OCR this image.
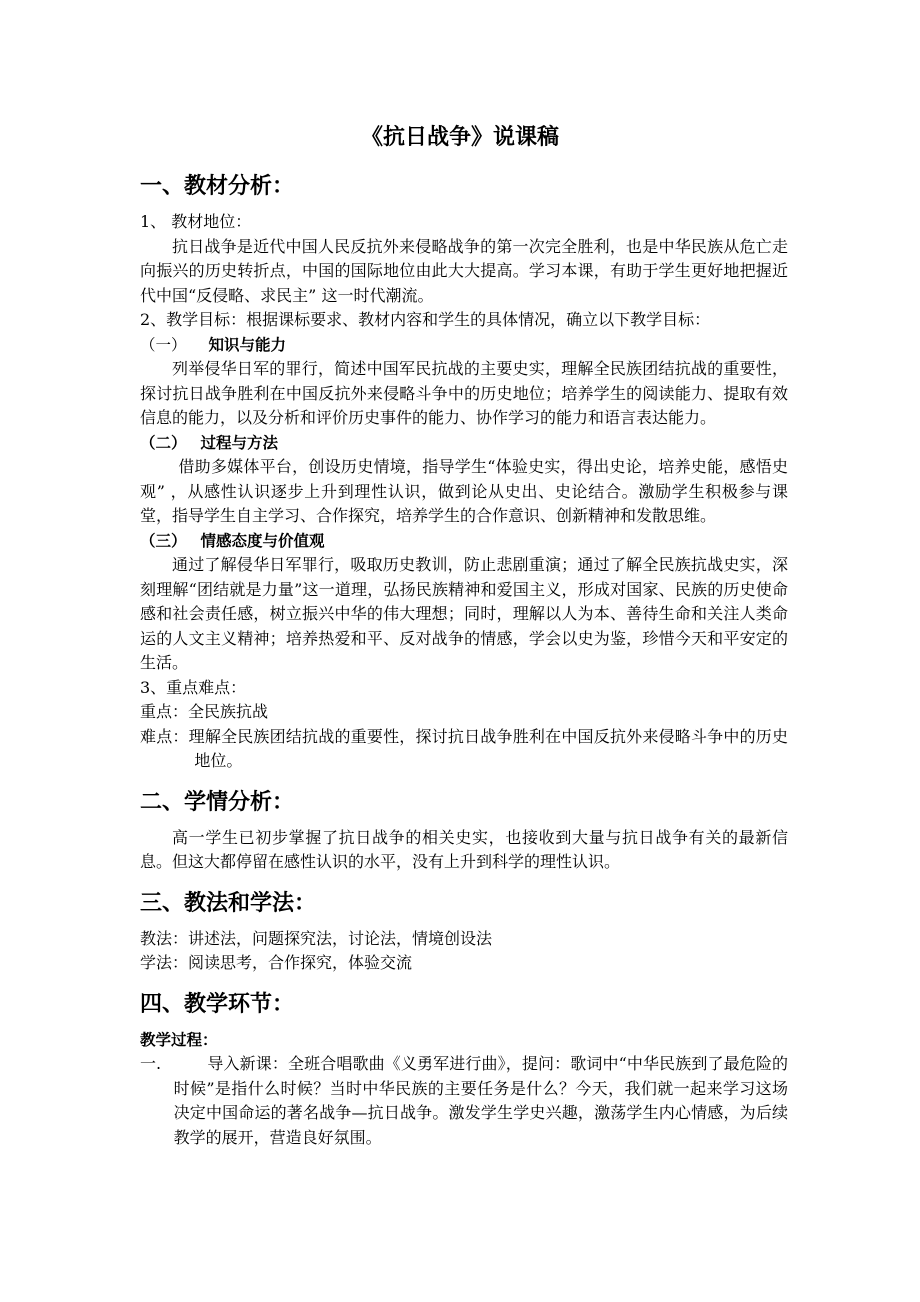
《抗日战争》说课稿
一、教材分析：

1、 教材地位：

抗日战争是近代中国人民反抗外来侵略战争的第一次完全胜利，也是中华民族从危亡走向振兴的历史转折点，中国的国际地位由此大大提高。学习本课，有助于学生更好地把握近代中国“反侵略、求民主” 这一时代潮流。

2、教学目标：根据课标要求、教材内容和学生的具体情况，确立以下教学目标：

（一） 知识与能力

列举侵华日军的罪行，简述中国军民抗战的主要史实，理解全民族团结抗战的重要性，探讨抗日战争胜利在中国反抗外来侵略斗争中的历史地位；培养学生的阅读能力、提取有效信息的能力，以及分析和评价历史事件的能力、协作学习的能力和语言表达能力。

（二） 过程与方法

借助多媒体平台，创设历史情境，指导学生“体验史实，得出史论，培养史能，感悟史观” ，从感性认识逐步上升到理性认识，做到论从史出、史论结合。激励学生积极参与课堂，指导学生自主学习、合作探究，培养学生的合作意识、创新精神和发散思维。

（三） 情感态度与价值观

通过了解侵华日军罪行，吸取历史教训，防止悲剧重演；通过了解全民族抗战史实，深刻理解“团结就是力量”这一道理，弘扬民族精神和爱国主义，形成对国家、民族的历史使命感和社会责任感，树立振兴中华的伟大理想；同时，理解以人为本、善待生命和关注人类命运的人文主义精神；培养热爱和平、反对战争的情感，学会以史为鉴，珍惜今天和平安定的生活。

3、重点难点：

重点：全民族抗战

难点：理解全民族团结抗战的重要性，探讨抗日战争胜利在中国反抗外来侵略斗争中的历史地位。

二、学情分析：

高一学生已初步掌握了抗日战争的相关史实，也接收到大量与抗日战争有关的最新信息。但这大都停留在感性认识的水平，没有上升到科学的理性认识。

三、教法和学法：

教法：讲述法，问题探究法，讨论法，情境创设法

学法：阅读思考，合作探究，体验交流

四、教学环节：

教学过程：

一.	导入新课：全班合唱歌曲《义勇军进行曲》，提问：歌词中“中华民族到了最危险的时候”是指什么时候？当时中华民族的主要任务是什么？今天，我们就一起来学习这场决定中国命运的著名战争—抗日战争。激发学生学史兴趣，激荡学生内心情感，为后续教学的展开，营造良好氛围。
